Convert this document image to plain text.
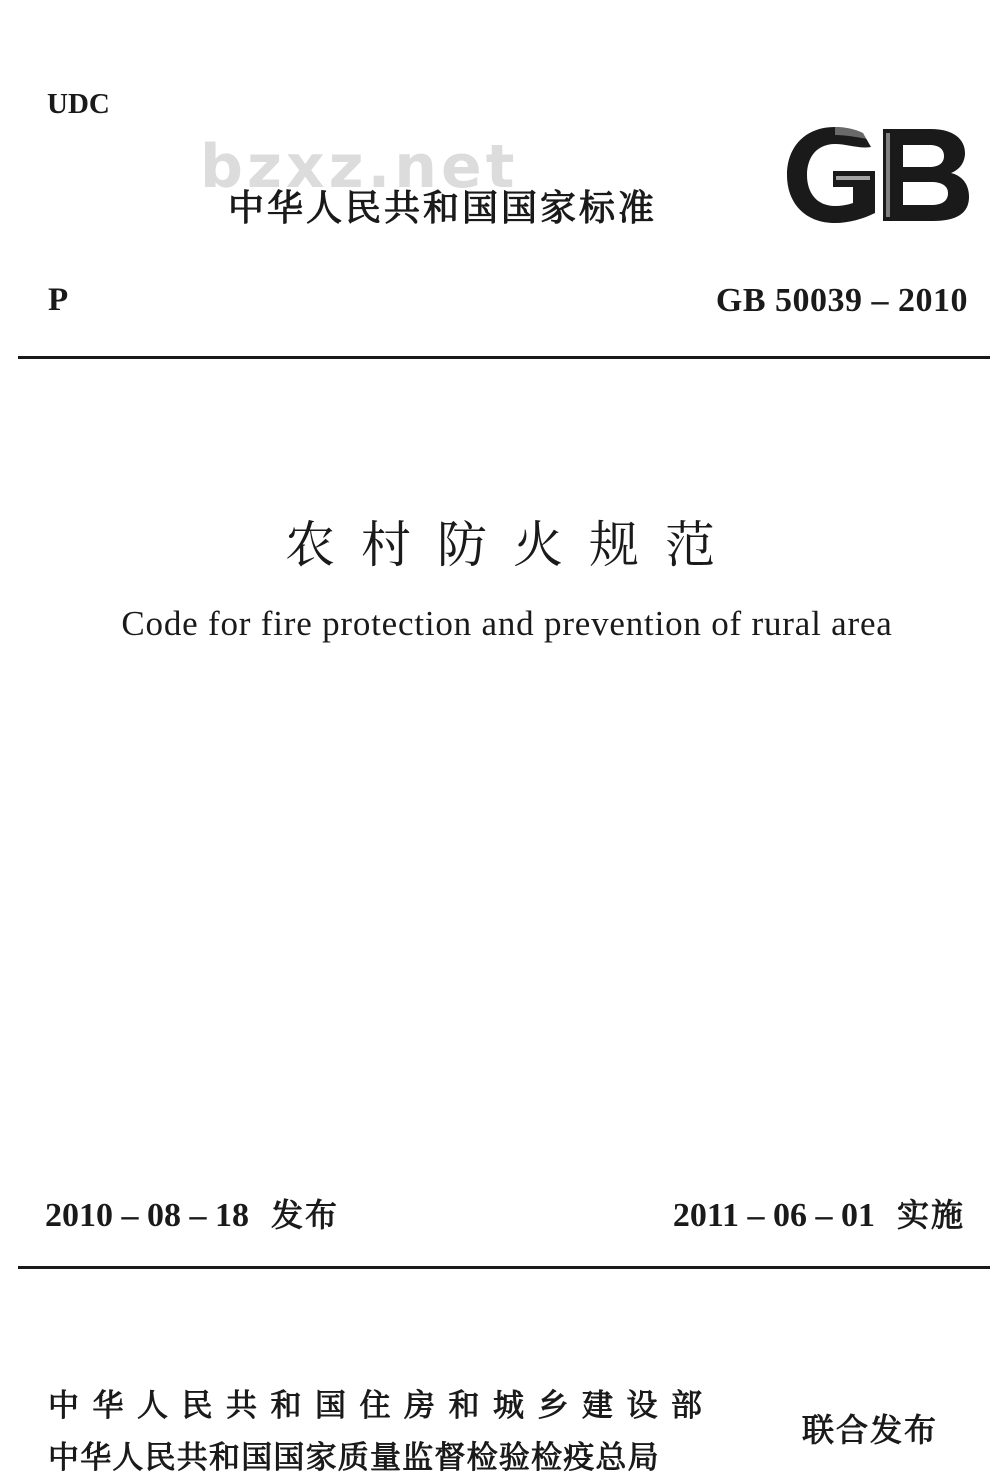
UDC
bzxz.net
中华人民共和国国家标准
P	GB 50039 – 2010
农村防火规范
Code for fire protection and prevention of rural area
2010 – 08 – 18 发布	2011 – 06 – 01 实施
中华人民共和国住房和城乡建设部
中华人民共和国国家质量监督检验检疫总局
联合发布
